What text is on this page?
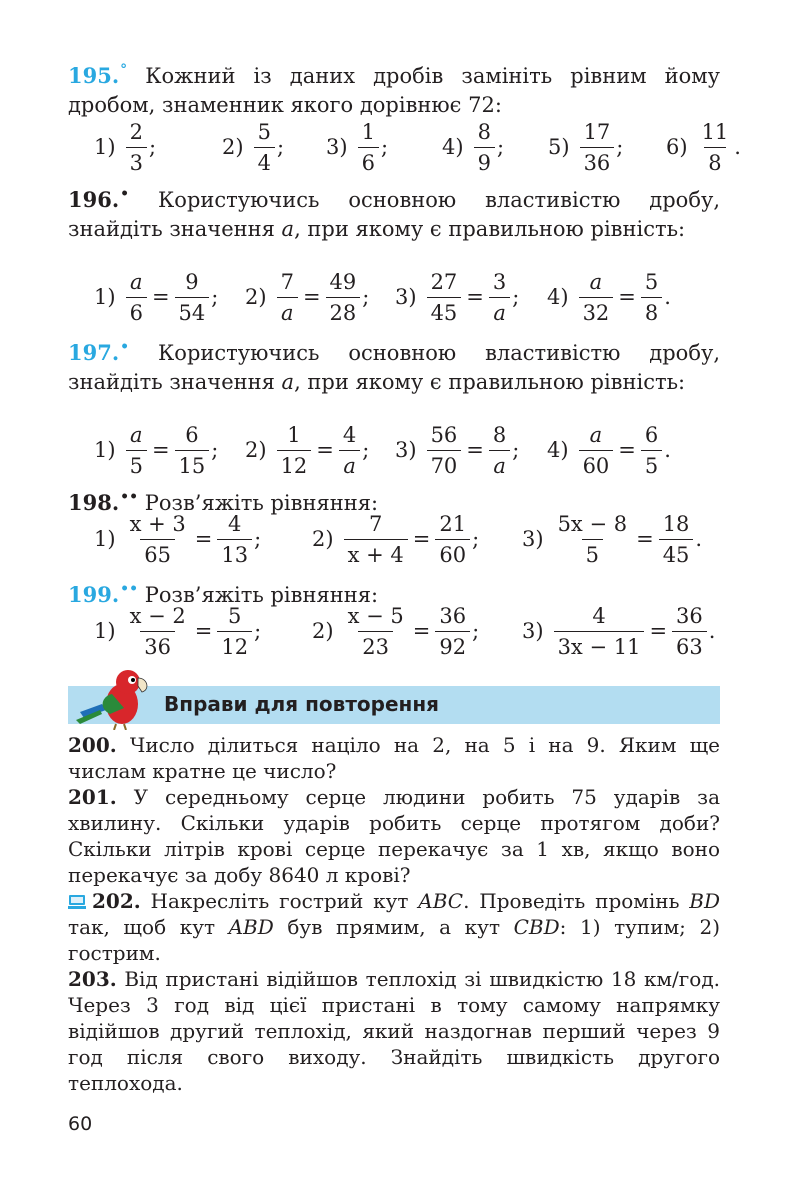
195.° Кожний із даних дробів замініть рівним йому дробом, знаменник якого дорівнює 72:

$1) \frac{2}{3}$ ;	$2) \frac{5}{4}$ ; $3) \frac{1}{6}$ ;	$4) \frac{8}{9}$ ; $5) \frac{17}{36}$ ; $6) \frac{11}{8}$ .

196.• Користуючись основною властивістю дробу, знайдіть значення a, при якому є правильною рівність:

$1) \frac{a}{6} = \frac{9}{54}$ ; $2) \frac{7}{a} = \frac{49}{28}$ ; $3) \frac{27}{45} = \frac{3}{a}$ ; $4) \frac{a}{32} = \frac{5}{8}$ .

197.• Користуючись основною властивістю дробу, знайдіть значення a, при якому є правильною рівність:

$1) \frac{a}{5} = \frac{6}{15}$ ; $2) \frac{1}{12} = \frac{4}{a}$ ; $3) \frac{56}{70} = \frac{8}{a}$ ; $4) \frac{a}{60} = \frac{6}{5}$ .

198.•• Розв’яжіть рівняння:

$1) \frac{x + 3}{65} = \frac{4}{13}$ ; $2) \frac{7}{x + 4} = \frac{21}{60}$ ; $3) \frac{5x - 8}{5} = \frac{18}{45}$ .

199.•• Розв’яжіть рівняння:

$1) \frac{x - 2}{36} = \frac{5}{12}$ ; $2) \frac{x - 5}{23} = \frac{36}{92}$ ; $3) \frac{4}{3x - 11} = \frac{36}{63}$ .
Вправи для повторення

200. Число ділиться націло на 2, на 5 і на 9. Яким ще числам кратне це число?

201. У середньому серце людини робить 75 ударів за хвилину. Скільки ударів робить серце протягом доби? Скільки літрів крові серце перекачує за 1 хв, якщо воно перекачує за добу 8640 л крові?

202. Накресліть гострий кут ABC. Проведіть промінь BD так, щоб кут ABD був прямим, а кут CBD: 1) тупим; 2) гострим.

203. Від пристані відійшов теплохід зі швидкістю 18 км/год. Через 3 год від цієї пристані в тому самому напрямку відійшов другий теплохід, який наздогнав перший через 9 год після свого виходу. Знайдіть швидкість другого теплохода.

60
